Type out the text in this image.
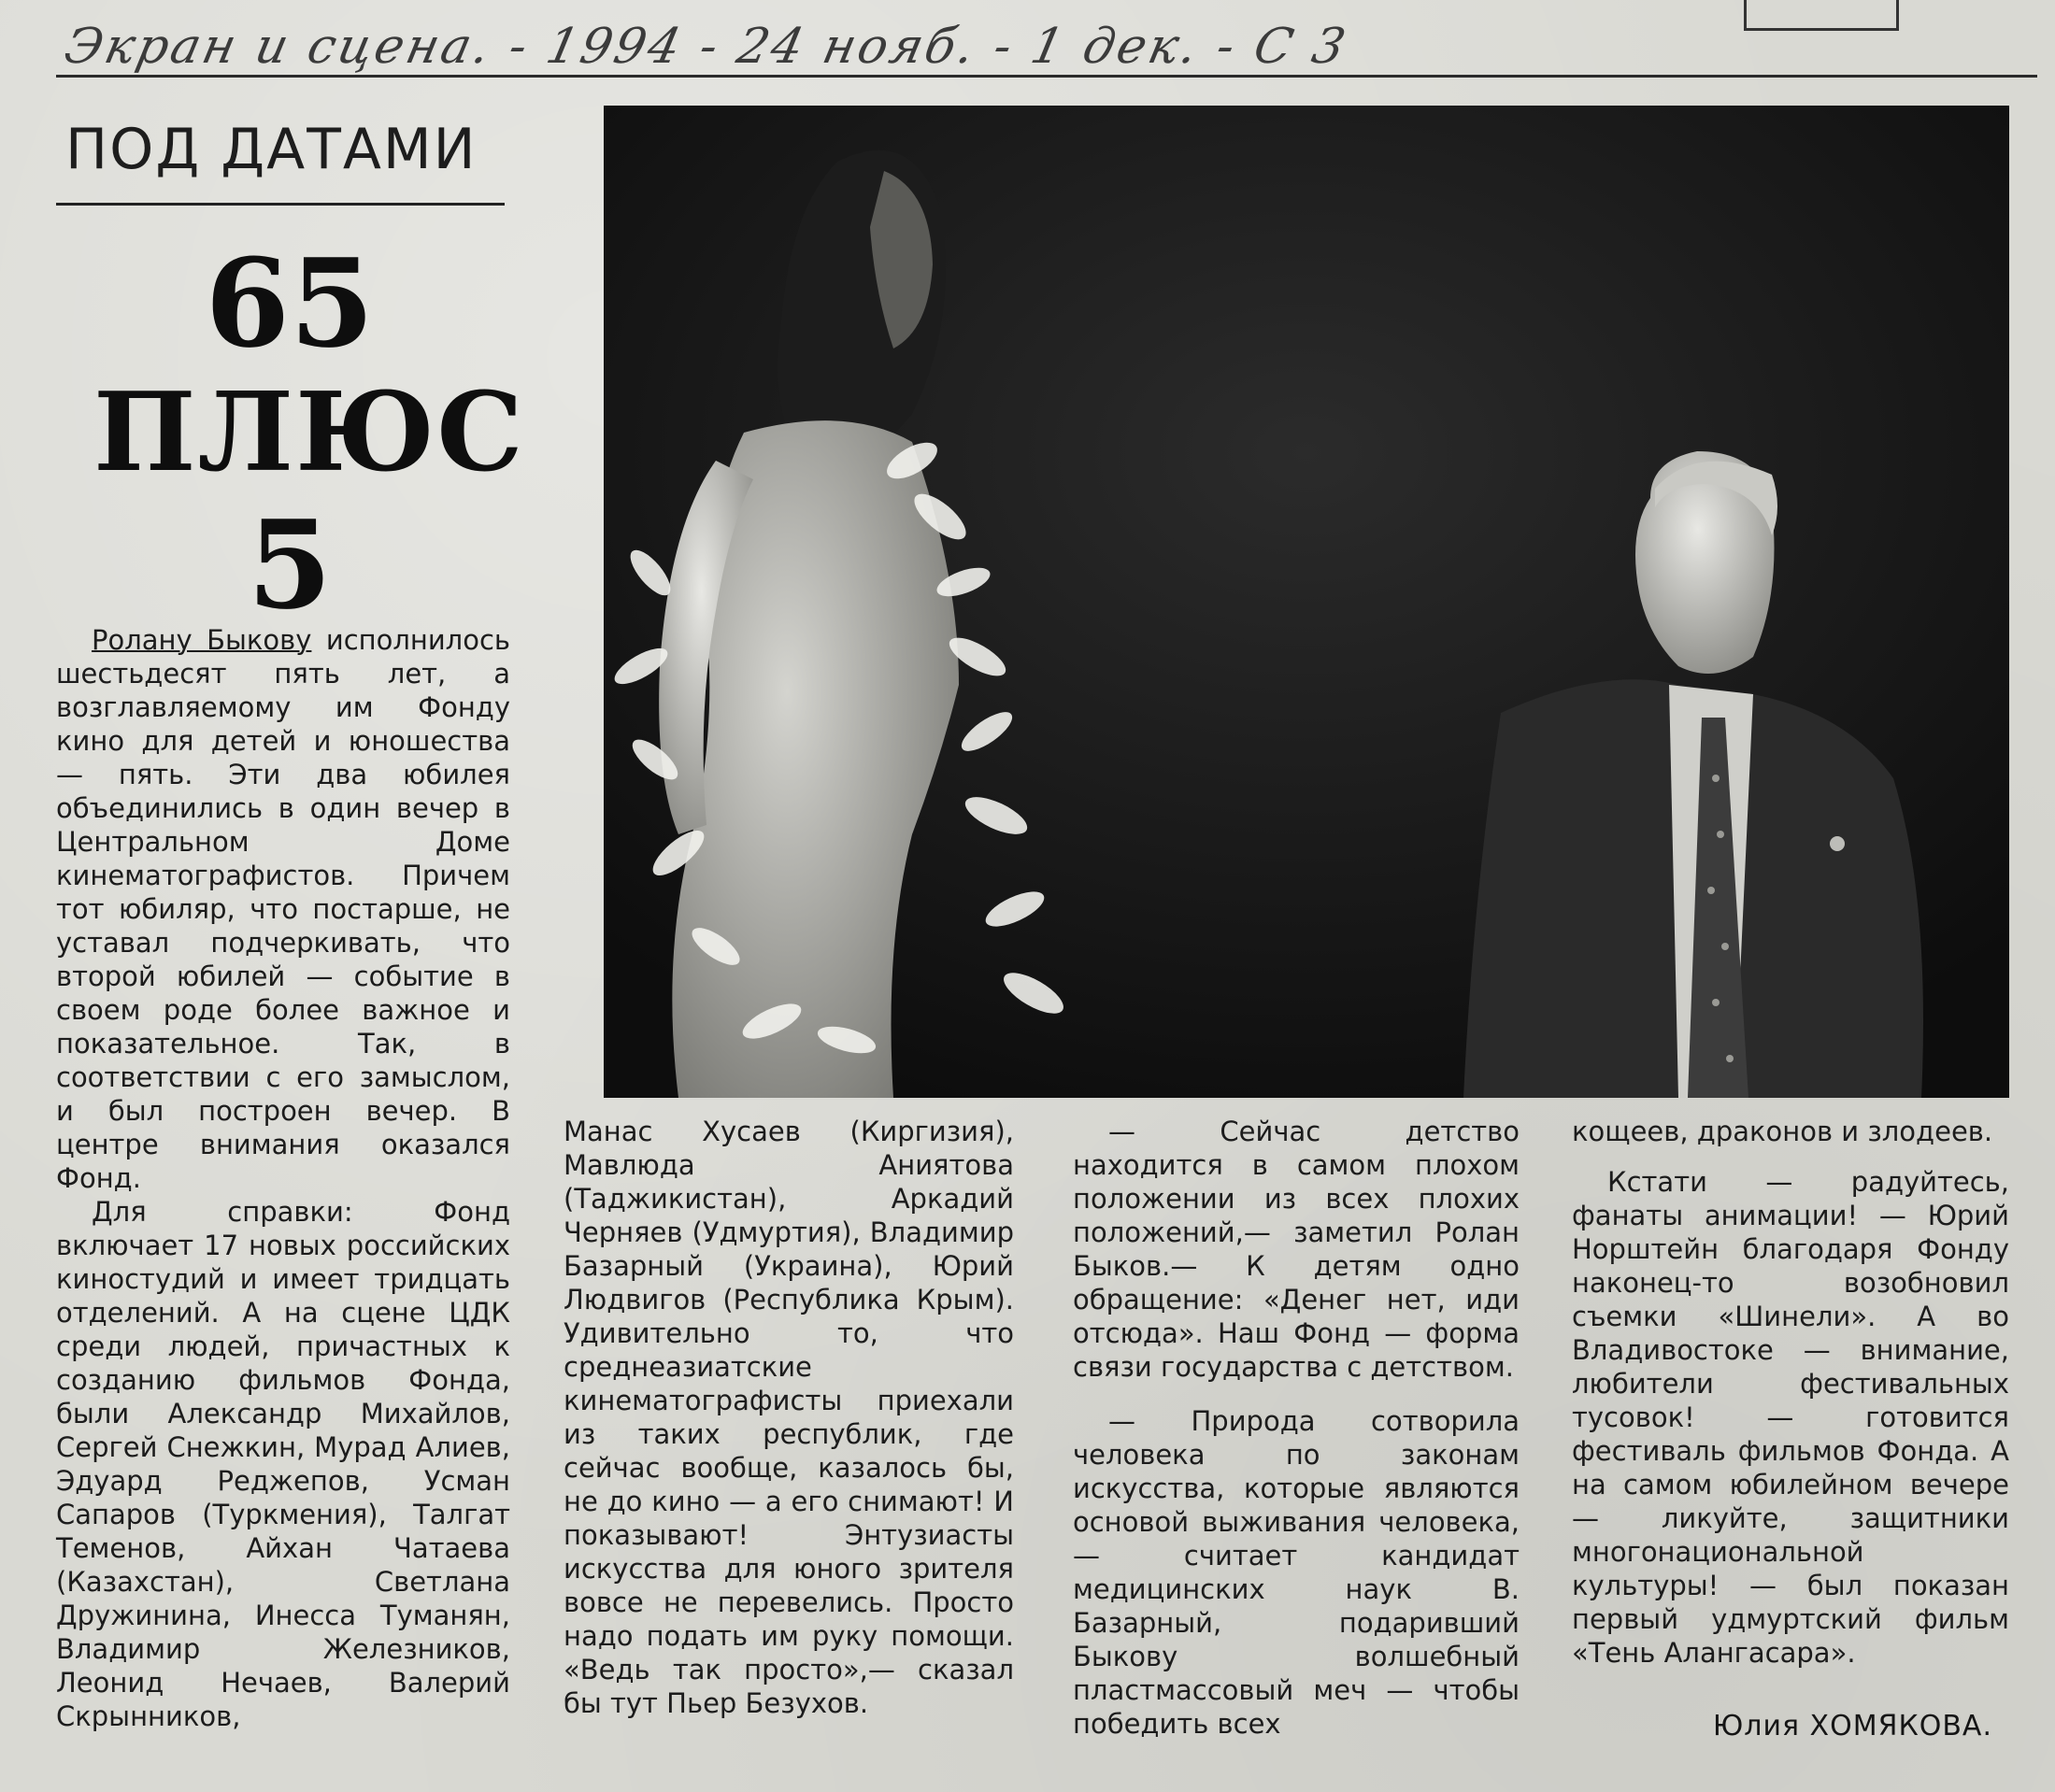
Экран и сцена. - 1994 - 24 нояб. - 1 дек. - С 3
ПОД ДАТАМИ
65
ПЛЮС
5

Ролану Быкову исполнилось шестьдесят пять лет, а возглавляемому им Фонду кино для детей и юношества — пять. Эти два юбилея объединились в один вечер в Центральном Доме кинематографистов. Причем тот юбиляр, что постарше, не уставал подчеркивать, что второй юбилей — событие в своем роде более важное и показательное. Так, в соответствии с его замыслом, и был построен вечер. В центре внимания оказался Фонд.

Для справки: Фонд включает 17 новых российских киностудий и имеет тридцать отделений. А на сцене ЦДК среди людей, причастных к созданию фильмов Фонда, были Александр Михайлов, Сергей Снежкин, Мурад Алиев, Эдуард Реджепов, Усман Сапаров (Туркмения), Талгат Теменов, Айхан Чатаева (Казахстан), Светлана Дружинина, Инесса Туманян, Владимир Железников, Леонид Нечаев, Валерий Скрынников,

Манас Хусаев (Киргизия), Мавлюда Аниятова (Таджикистан), Аркадий Черняев (Удмуртия), Владимир Базарный (Украина), Юрий Людвигов (Республика Крым). Удивительно то, что среднеазиатские кинематографисты приехали из таких республик, где сейчас вообще, казалось бы, не до кино — а его снимают! И показывают! Энтузиасты искусства для юного зрителя вовсе не перевелись. Просто надо подать им руку помощи. «Ведь так просто»,— сказал бы тут Пьер Безухов.

— Сейчас детство находится в самом плохом положении из всех плохих положений,— заметил Ролан Быков.— К детям одно обращение: «Денег нет, иди отсюда». Наш Фонд — форма связи государства с детством.

— Природа сотворила человека по законам искусства, которые являются основой выживания человека,— считает кандидат медицинских наук В. Базарный, подаривший Быкову волшебный пластмассовый меч — чтобы победить всех

кощеев, драконов и злодеев.

Кстати — радуйтесь, фанаты анимации! — Юрий Норштейн благодаря Фонду наконец-то возобновил съемки «Шинели». А во Владивостоке — внимание, любители фестивальных тусовок! — готовится фестиваль фильмов Фонда. А на самом юбилейном вечере — ликуйте, защитники многонациональной культуры! — был показан первый удмуртский фильм «Тень Алангасара».

Юлия ХОМЯКОВА.
